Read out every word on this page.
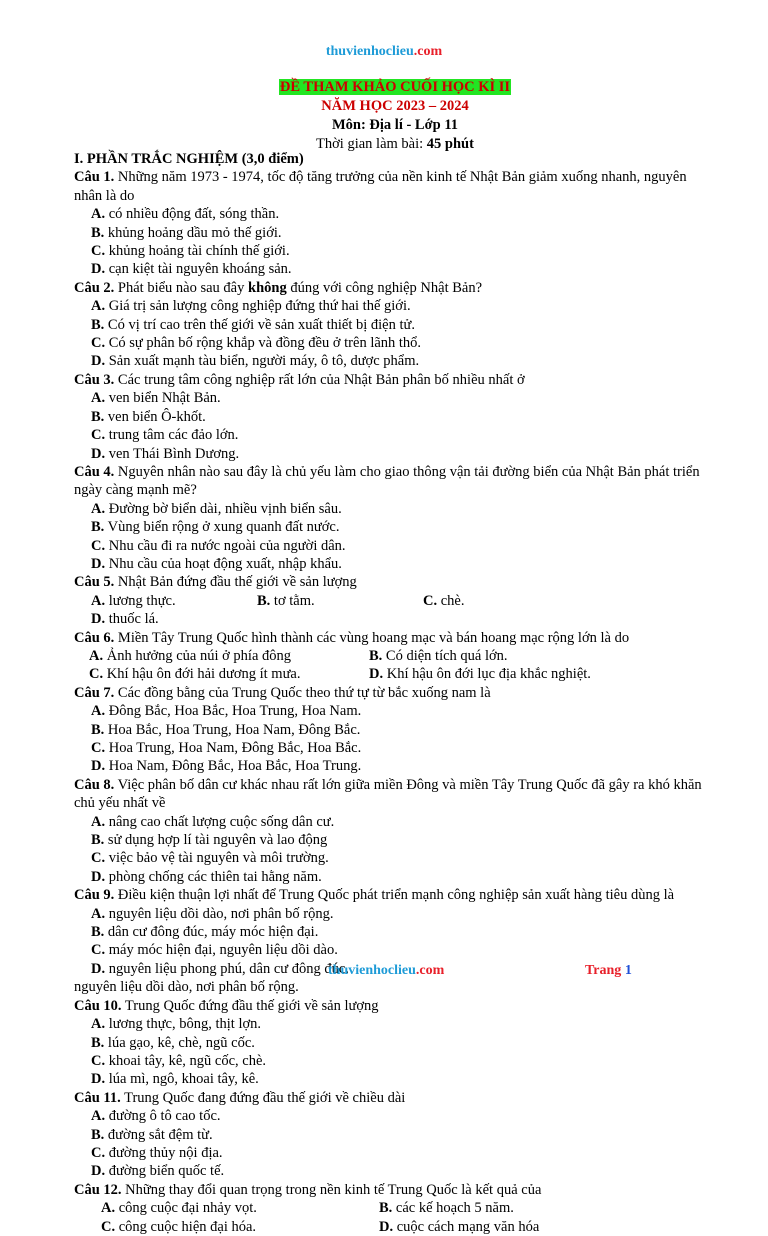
thuvienhoclieu.com
ĐỀ THAM KHẢO CUỐI HỌC KÌ II
NĂM HỌC 2023 – 2024
Môn: Địa lí - Lớp 11
Thời gian làm bài: 45 phút

I. PHẦN TRẮC NGHIỆM (3,0 điểm)

Câu 1. Những năm 1973 - 1974, tốc độ tăng trưởng của nền kinh tế Nhật Bản giảm xuống nhanh, nguyên nhân là do

A. có nhiều động đất, sóng thần.
B. khủng hoảng dầu mỏ thế giới.
C. khủng hoảng tài chính thế giới.
D. cạn kiệt tài nguyên khoáng sản.

Câu 2. Phát biểu nào sau đây không đúng với công nghiệp Nhật Bản?

A. Giá trị sản lượng công nghiệp đứng thứ hai thế giới.
B. Có vị trí cao trên thế giới về sản xuất thiết bị điện tử.
C. Có sự phân bố rộng khắp và đồng đều ở trên lãnh thổ.
D. Sản xuất mạnh tàu biển, người máy, ô tô, dược phẩm.

Câu 3. Các trung tâm công nghiệp rất lớn của Nhật Bản phân bố nhiều nhất ở

A. ven biển Nhật Bản.
B. ven biển Ô-khốt.
C. trung tâm các đảo lớn.
D. ven Thái Bình Dương.

Câu 4. Nguyên nhân nào sau đây là chủ yếu làm cho giao thông vận tải đường biển của Nhật Bản phát triển ngày càng mạnh mẽ?

A. Đường bờ biển dài, nhiều vịnh biển sâu.
B. Vùng biển rộng ở xung quanh đất nước.
C. Nhu cầu đi ra nước ngoài của người dân.
D. Nhu cầu của hoạt động xuất, nhập khẩu.

Câu 5. Nhật Bản đứng đầu thế giới về sản lượng

A. lương thực.	B. tơ tằm.	C. chè.
D. thuốc lá.

Câu 6. Miền Tây Trung Quốc hình thành các vùng hoang mạc và bán hoang mạc rộng lớn là do

A. Ảnh hưởng của núi ở phía đông	B. Có diện tích quá lớn.
C. Khí hậu ôn đới hải dương ít mưa.	D. Khí hậu ôn đới lục địa khắc nghiệt.

Câu 7. Các đồng bằng của Trung Quốc theo thứ tự từ bắc xuống nam là

A. Đông Bắc, Hoa Bắc, Hoa Trung, Hoa Nam.
B. Hoa Bắc, Hoa Trung, Hoa Nam, Đông Bắc.
C. Hoa Trung, Hoa Nam, Đông Bắc, Hoa Bắc.
D. Hoa Nam, Đông Bắc, Hoa Bắc, Hoa Trung.

Câu 8. Việc phân bố dân cư khác nhau rất lớn giữa miền Đông và miền Tây Trung Quốc đã gây ra khó khăn chủ yếu nhất về

A. nâng cao chất lượng cuộc sống dân cư.
B. sử dụng hợp lí tài nguyên và lao động
C. việc bảo vệ tài nguyên và môi trường.
D. phòng chống các thiên tai hằng năm.

Câu 9. Điều kiện thuận lợi nhất để Trung Quốc phát triển mạnh công nghiệp sản xuất hàng tiêu dùng là

A. nguyên liệu dồi dào, nơi phân bố rộng.
B. dân cư đông đúc, máy móc hiện đại.
C. máy móc hiện đại, nguyên liệu dồi dào.
D. nguyên liệu phong phú, dân cư đông đúc.

nguyên liệu dồi dào, nơi phân bố rộng.

Câu 10. Trung Quốc đứng đầu thế giới về sản lượng

A. lương thực, bông, thịt lợn.
B. lúa gạo, kê, chè, ngũ cốc.
C. khoai tây, kê, ngũ cốc, chè.
D. lúa mì, ngô, khoai tây, kê.

Câu 11. Trung Quốc đang đứng đầu thế giới về chiều dài

A. đường ô tô cao tốc.
B. đường sắt đệm từ.
C. đường thủy nội địa.
D. đường biển quốc tế.

Câu 12. Những thay đổi quan trọng trong nền kinh tế Trung Quốc là kết quả của

A. công cuộc đại nhảy vọt.	B. các kế hoạch 5 năm.
C. công cuộc hiện đại hóa.	D. cuộc cách mạng văn hóa
thuvienhoclieu.com	Trang 1
